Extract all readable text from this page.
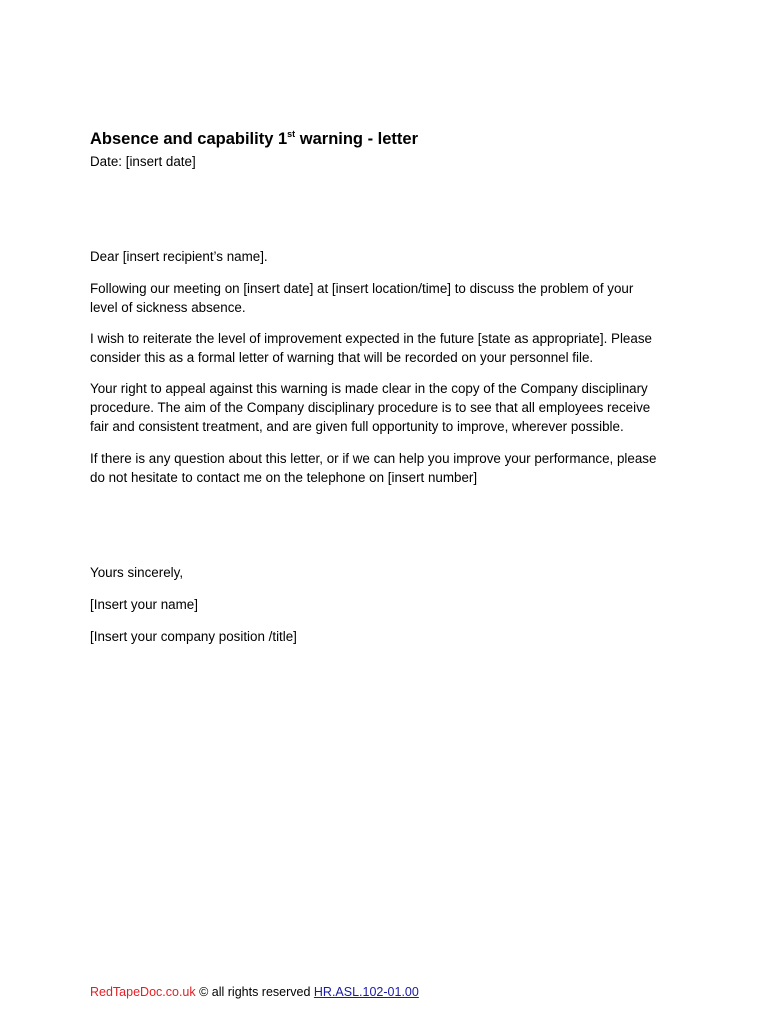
Absence and capability 1st warning - letter
Date: [insert date]
Dear [insert recipient’s name].
Following our meeting on [insert date] at [insert location/time] to discuss the problem of your
level of sickness absence.
I wish to reiterate the level of improvement expected in the future [state as appropriate]. Please
consider this as a formal letter of warning that will be recorded on your personnel file.
Your right to appeal against this warning is made clear in the copy of the Company disciplinary
procedure. The aim of the Company disciplinary procedure is to see that all employees receive
fair and consistent treatment, and are given full opportunity to improve, wherever possible.
If there is any question about this letter, or if we can help you improve your performance, please
do not hesitate to contact me on the telephone on [insert number]
Yours sincerely,
[Insert your name]
[Insert your company position /title]
RedTapeDoc.co.uk © all rights reserved HR.ASL.102-01.00
